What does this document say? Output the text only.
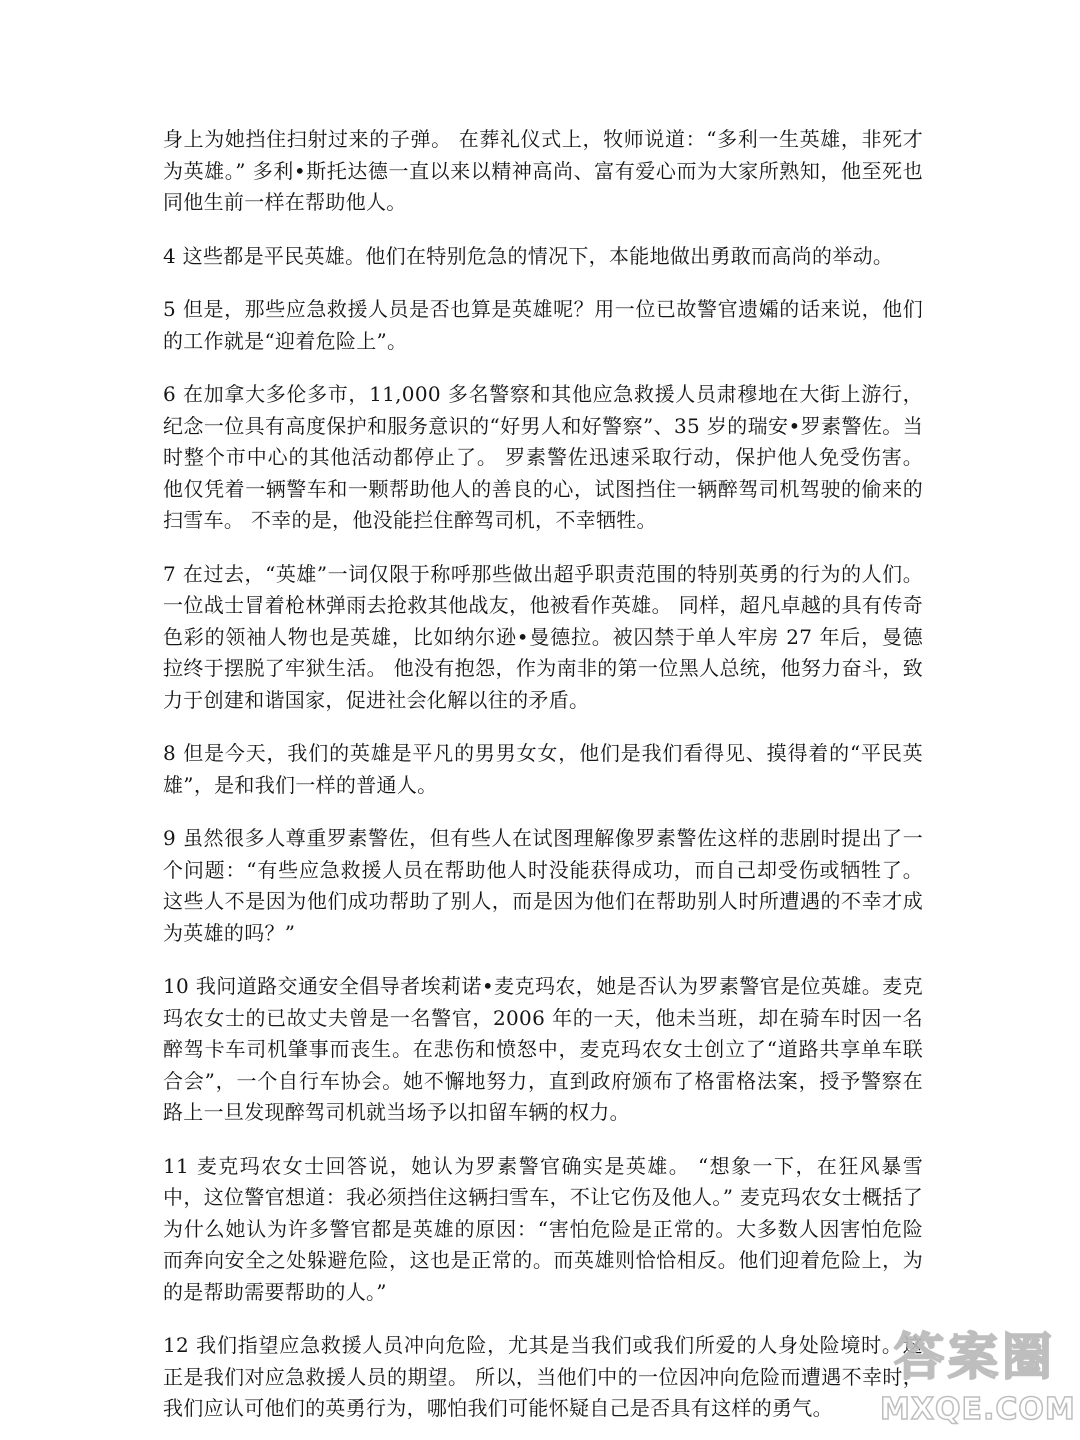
身上为她挡住扫射过来的子弹。 在葬礼仪式上，牧师说道：“多利一生英雄，非死才为英雄。” 多利•斯托达德一直以来以精神高尚、富有爱心而为大家所熟知，他至死也同他生前一样在帮助他人。

4 这些都是平民英雄。他们在特别危急的情况下，本能地做出勇敢而高尚的举动。

5 但是，那些应急救援人员是否也算是英雄呢？用一位已故警官遗孀的话来说，他们的工作就是“迎着危险上”。

6 在加拿大多伦多市，11,000 多名警察和其他应急救援人员肃穆地在大街上游行，纪念一位具有高度保护和服务意识的“好男人和好警察”、35 岁的瑞安•罗素警佐。当时整个市中心的其他活动都停止了。 罗素警佐迅速采取行动，保护他人免受伤害。 他仅凭着一辆警车和一颗帮助他人的善良的心，试图挡住一辆醉驾司机驾驶的偷来的扫雪车。 不幸的是，他没能拦住醉驾司机，不幸牺牲。

7 在过去，“英雄”一词仅限于称呼那些做出超乎职责范围的特别英勇的行为的人们。 一位战士冒着枪林弹雨去抢救其他战友，他被看作英雄。 同样，超凡卓越的具有传奇色彩的领袖人物也是英雄，比如纳尔逊•曼德拉。被囚禁于单人牢房 27 年后，曼德拉终于摆脱了牢狱生活。 他没有抱怨，作为南非的第一位黑人总统，他努力奋斗，致力于创建和谐国家，促进社会化解以往的矛盾。

8 但是今天，我们的英雄是平凡的男男女女，他们是我们看得见、摸得着的“平民英雄”，是和我们一样的普通人。

9 虽然很多人尊重罗素警佐，但有些人在试图理解像罗素警佐这样的悲剧时提出了一个问题：“有些应急救援人员在帮助他人时没能获得成功，而自己却受伤或牺牲了。这些人不是因为他们成功帮助了别人，而是因为他们在帮助别人时所遭遇的不幸才成为英雄的吗？”

10 我问道路交通安全倡导者埃莉诺•麦克玛农，她是否认为罗素警官是位英雄。麦克玛农女士的已故丈夫曾是一名警官，2006 年的一天，他未当班，却在骑车时因一名醉驾卡车司机肇事而丧生。在悲伤和愤怒中，麦克玛农女士创立了“道路共享单车联合会”，一个自行车协会。她不懈地努力，直到政府颁布了格雷格法案，授予警察在路上一旦发现醉驾司机就当场予以扣留车辆的权力。

11 麦克玛农女士回答说，她认为罗素警官确实是英雄。 “想象一下，在狂风暴雪中，这位警官想道：我必须挡住这辆扫雪车，不让它伤及他人。” 麦克玛农女士概括了为什么她认为许多警官都是英雄的原因：“害怕危险是正常的。大多数人因害怕危险而奔向安全之处躲避危险，这也是正常的。而英雄则恰恰相反。他们迎着危险上，为的是帮助需要帮助的人。”

12 我们指望应急救援人员冲向危险，尤其是当我们或我们所爱的人身处险境时。这正是我们对应急救援人员的期望。 所以，当他们中的一位因冲向危险而遭遇不幸时，我们应认可他们的英勇行为，哪怕我们可能怀疑自己是否具有这样的勇气。

答案圈
MXQE.COM
